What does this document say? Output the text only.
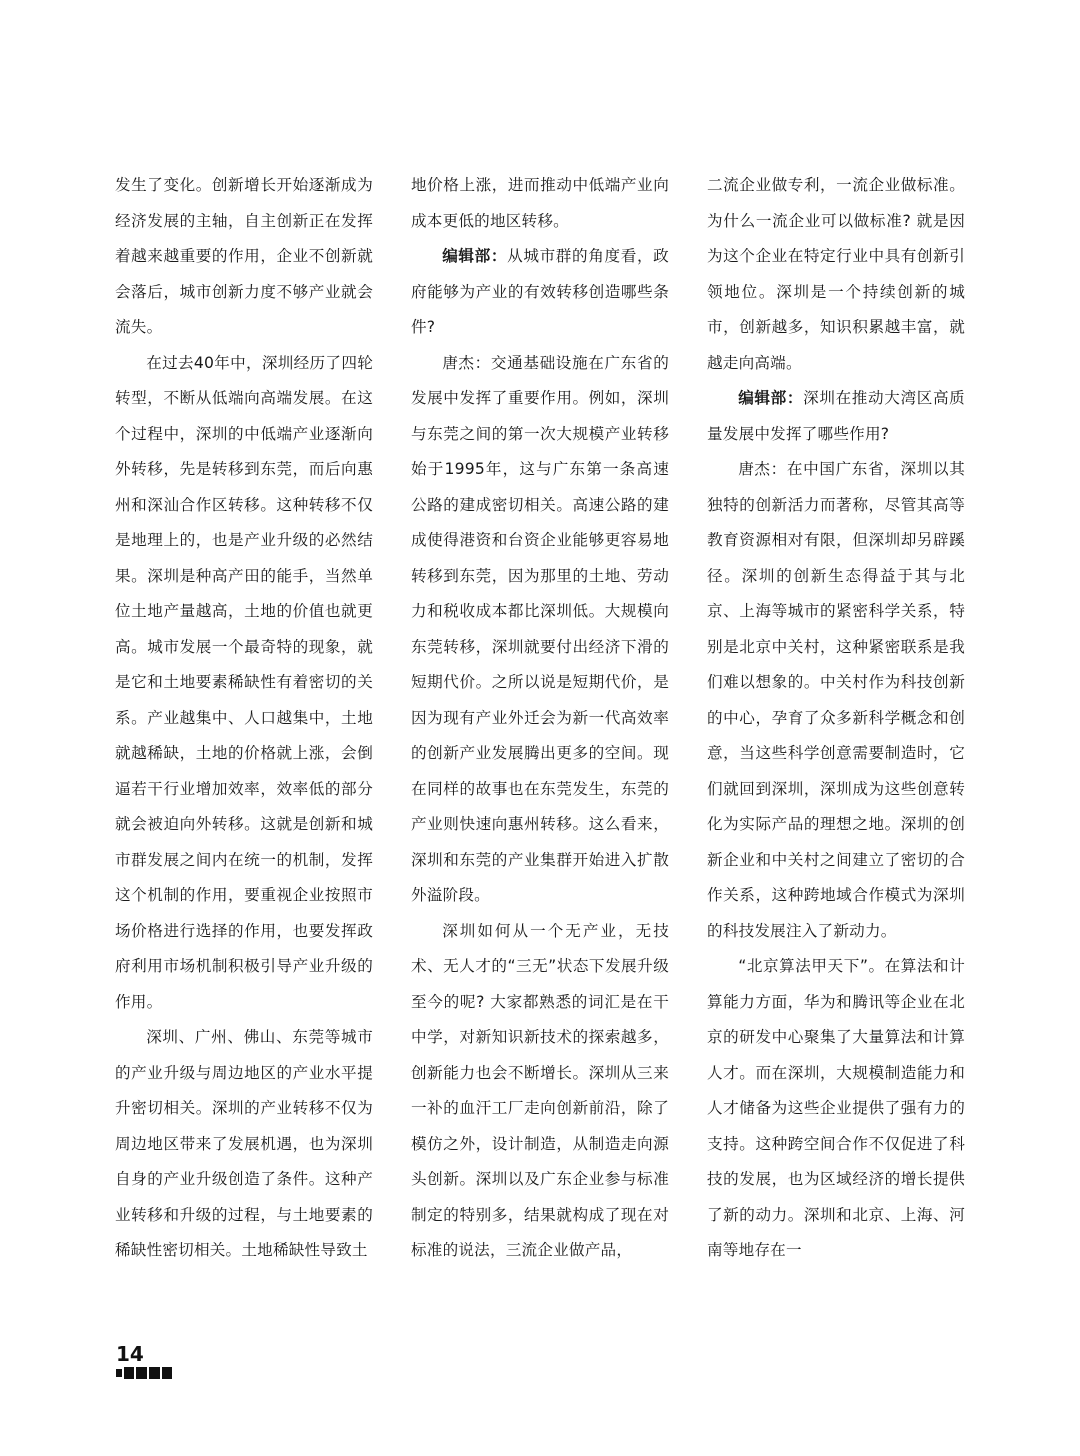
发生了变化。创新增长开始逐渐成为经济发展的主轴，自主创新正在发挥着越来越重要的作用，企业不创新就会落后，城市创新力度不够产业就会流失。

在过去40年中，深圳经历了四轮转型，不断从低端向高端发展。在这个过程中，深圳的中低端产业逐渐向外转移，先是转移到东莞，而后向惠州和深汕合作区转移。这种转移不仅是地理上的，也是产业升级的必然结果。深圳是种高产田的能手，当然单位土地产量越高，土地的价值也就更高。城市发展一个最奇特的现象，就是它和土地要素稀缺性有着密切的关系。产业越集中、人口越集中，土地就越稀缺，土地的价格就上涨，会倒逼若干行业增加效率，效率低的部分就会被迫向外转移。这就是创新和城市群发展之间内在统一的机制，发挥这个机制的作用，要重视企业按照市场价格进行选择的作用，也要发挥政府利用市场机制积极引导产业升级的作用。

深圳、广州、佛山、东莞等城市的产业升级与周边地区的产业水平提升密切相关。深圳的产业转移不仅为周边地区带来了发展机遇，也为深圳自身的产业升级创造了条件。这种产业转移和升级的过程，与土地要素的稀缺性密切相关。土地稀缺性导致土

地价格上涨，进而推动中低端产业向成本更低的地区转移。

编辑部：从城市群的角度看，政府能够为产业的有效转移创造哪些条件?

唐杰：交通基础设施在广东省的发展中发挥了重要作用。例如，深圳与东莞之间的第一次大规模产业转移始于1995年，这与广东第一条高速公路的建成密切相关。高速公路的建成使得港资和台资企业能够更容易地转移到东莞，因为那里的土地、劳动力和税收成本都比深圳低。大规模向东莞转移，深圳就要付出经济下滑的短期代价。之所以说是短期代价，是因为现有产业外迁会为新一代高效率的创新产业发展腾出更多的空间。现在同样的故事也在东莞发生，东莞的产业则快速向惠州转移。这么看来，深圳和东莞的产业集群开始进入扩散外溢阶段。

深圳如何从一个无产业，无技术、无人才的“三无”状态下发展升级至今的呢? 大家都熟悉的词汇是在干中学，对新知识新技术的探索越多，创新能力也会不断增长。深圳从三来一补的血汗工厂走向创新前沿，除了模仿之外，设计制造，从制造走向源头创新。深圳以及广东企业参与标准制定的特别多，结果就构成了现在对标准的说法，三流企业做产品，

二流企业做专利，一流企业做标准。为什么一流企业可以做标准? 就是因为这个企业在特定行业中具有创新引领地位。深圳是一个持续创新的城市，创新越多，知识积累越丰富，就越走向高端。

编辑部：深圳在推动大湾区高质量发展中发挥了哪些作用?

唐杰：在中国广东省，深圳以其独特的创新活力而著称，尽管其高等教育资源相对有限，但深圳却另辟蹊径。深圳的创新生态得益于其与北京、上海等城市的紧密科学关系，特别是北京中关村，这种紧密联系是我们难以想象的。中关村作为科技创新的中心，孕育了众多新科学概念和创意，当这些科学创意需要制造时，它们就回到深圳，深圳成为这些创意转化为实际产品的理想之地。深圳的创新企业和中关村之间建立了密切的合作关系，这种跨地域合作模式为深圳的科技发展注入了新动力。

“北京算法甲天下”。在算法和计算能力方面，华为和腾讯等企业在北京的研发中心聚集了大量算法和计算人才。而在深圳，大规模制造能力和人才储备为这些企业提供了强有力的支持。这种跨空间合作不仅促进了科技的发展，也为区域经济的增长提供了新的动力。深圳和北京、上海、河南等地存在一

14
